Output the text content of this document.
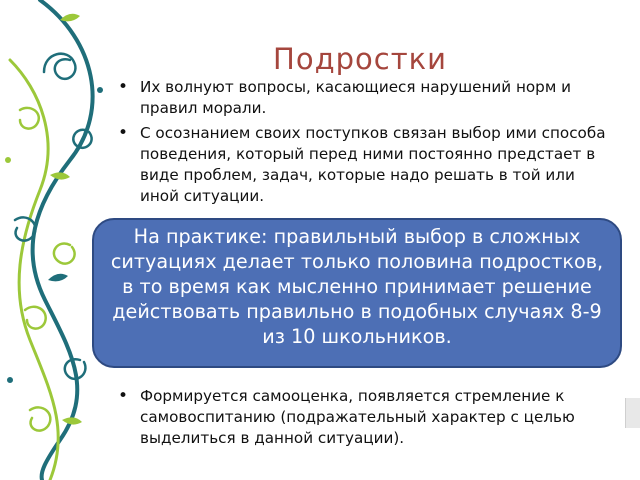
Подростки
• Их волнуют вопросы, касающиеся нарушений норм и правил морали.
• С осознанием своих поступков связан выбор ими способа поведения, который перед ними постоянно предстает в виде проблем, задач, которые надо решать в той или иной ситуации.
На практике: правильный выбор в сложных ситуациях делает только половина подростков, в то время как мысленно принимает решение действовать правильно в подобных случаях 8-9 из 10 школьников.
• Формируется самооценка, появляется стремление к самовоспитанию (подражательный характер с целью выделиться в данной ситуации).
